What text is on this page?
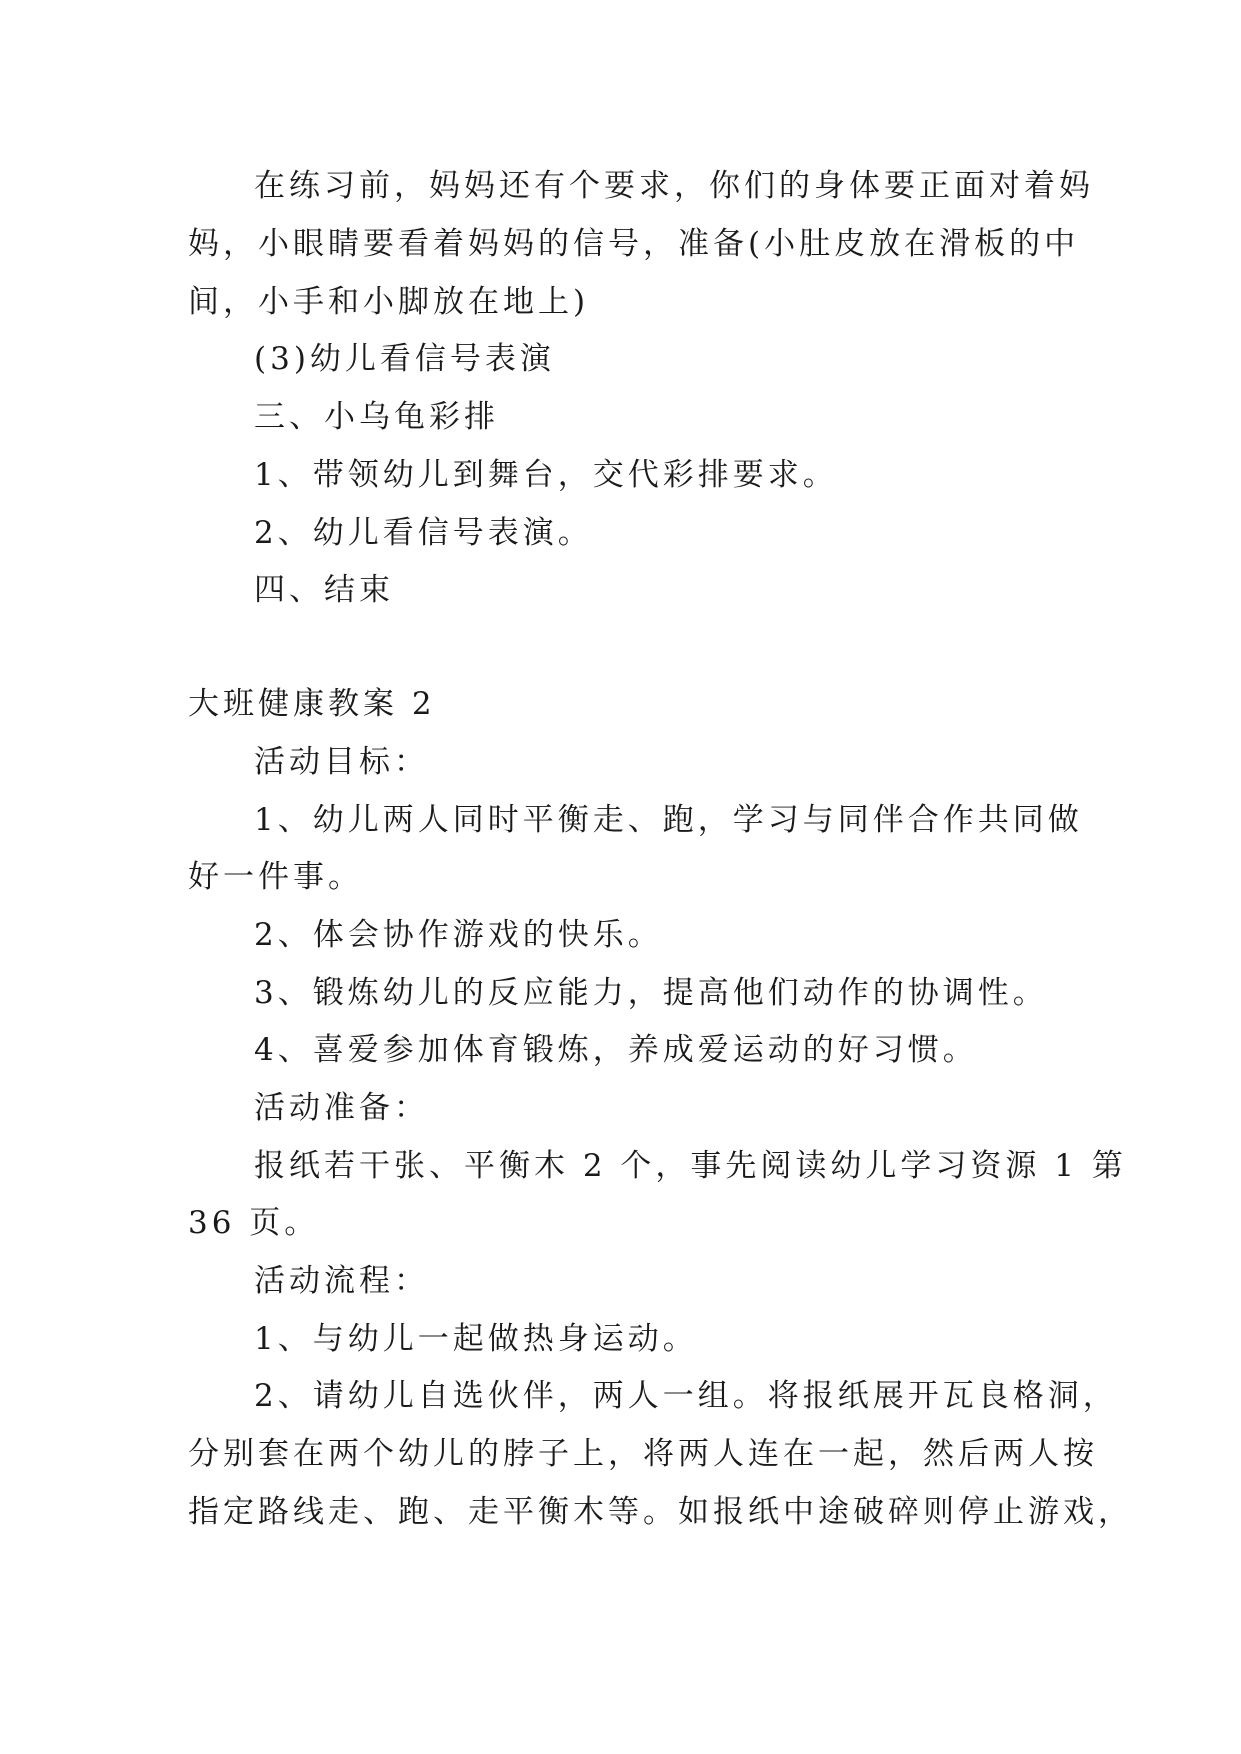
在练习前，妈妈还有个要求，你们的身体要正面对着妈
妈，小眼睛要看着妈妈的信号，准备(小肚皮放在滑板的中
间，小手和小脚放在地上)
(3)幼儿看信号表演
三、小乌龟彩排
1、带领幼儿到舞台，交代彩排要求。
2、幼儿看信号表演。
四、结束
大班健康教案 2
活动目标：
1、幼儿两人同时平衡走、跑，学习与同伴合作共同做
好一件事。
2、体会协作游戏的快乐。
3、锻炼幼儿的反应能力，提高他们动作的协调性。
4、喜爱参加体育锻炼，养成爱运动的好习惯。
活动准备：
报纸若干张、平衡木 2 个，事先阅读幼儿学习资源 1 第
36 页。
活动流程：
1、与幼儿一起做热身运动。
2、请幼儿自选伙伴，两人一组。将报纸展开瓦良格洞，
分别套在两个幼儿的脖子上，将两人连在一起，然后两人按
指定路线走、跑、走平衡木等。如报纸中途破碎则停止游戏，
